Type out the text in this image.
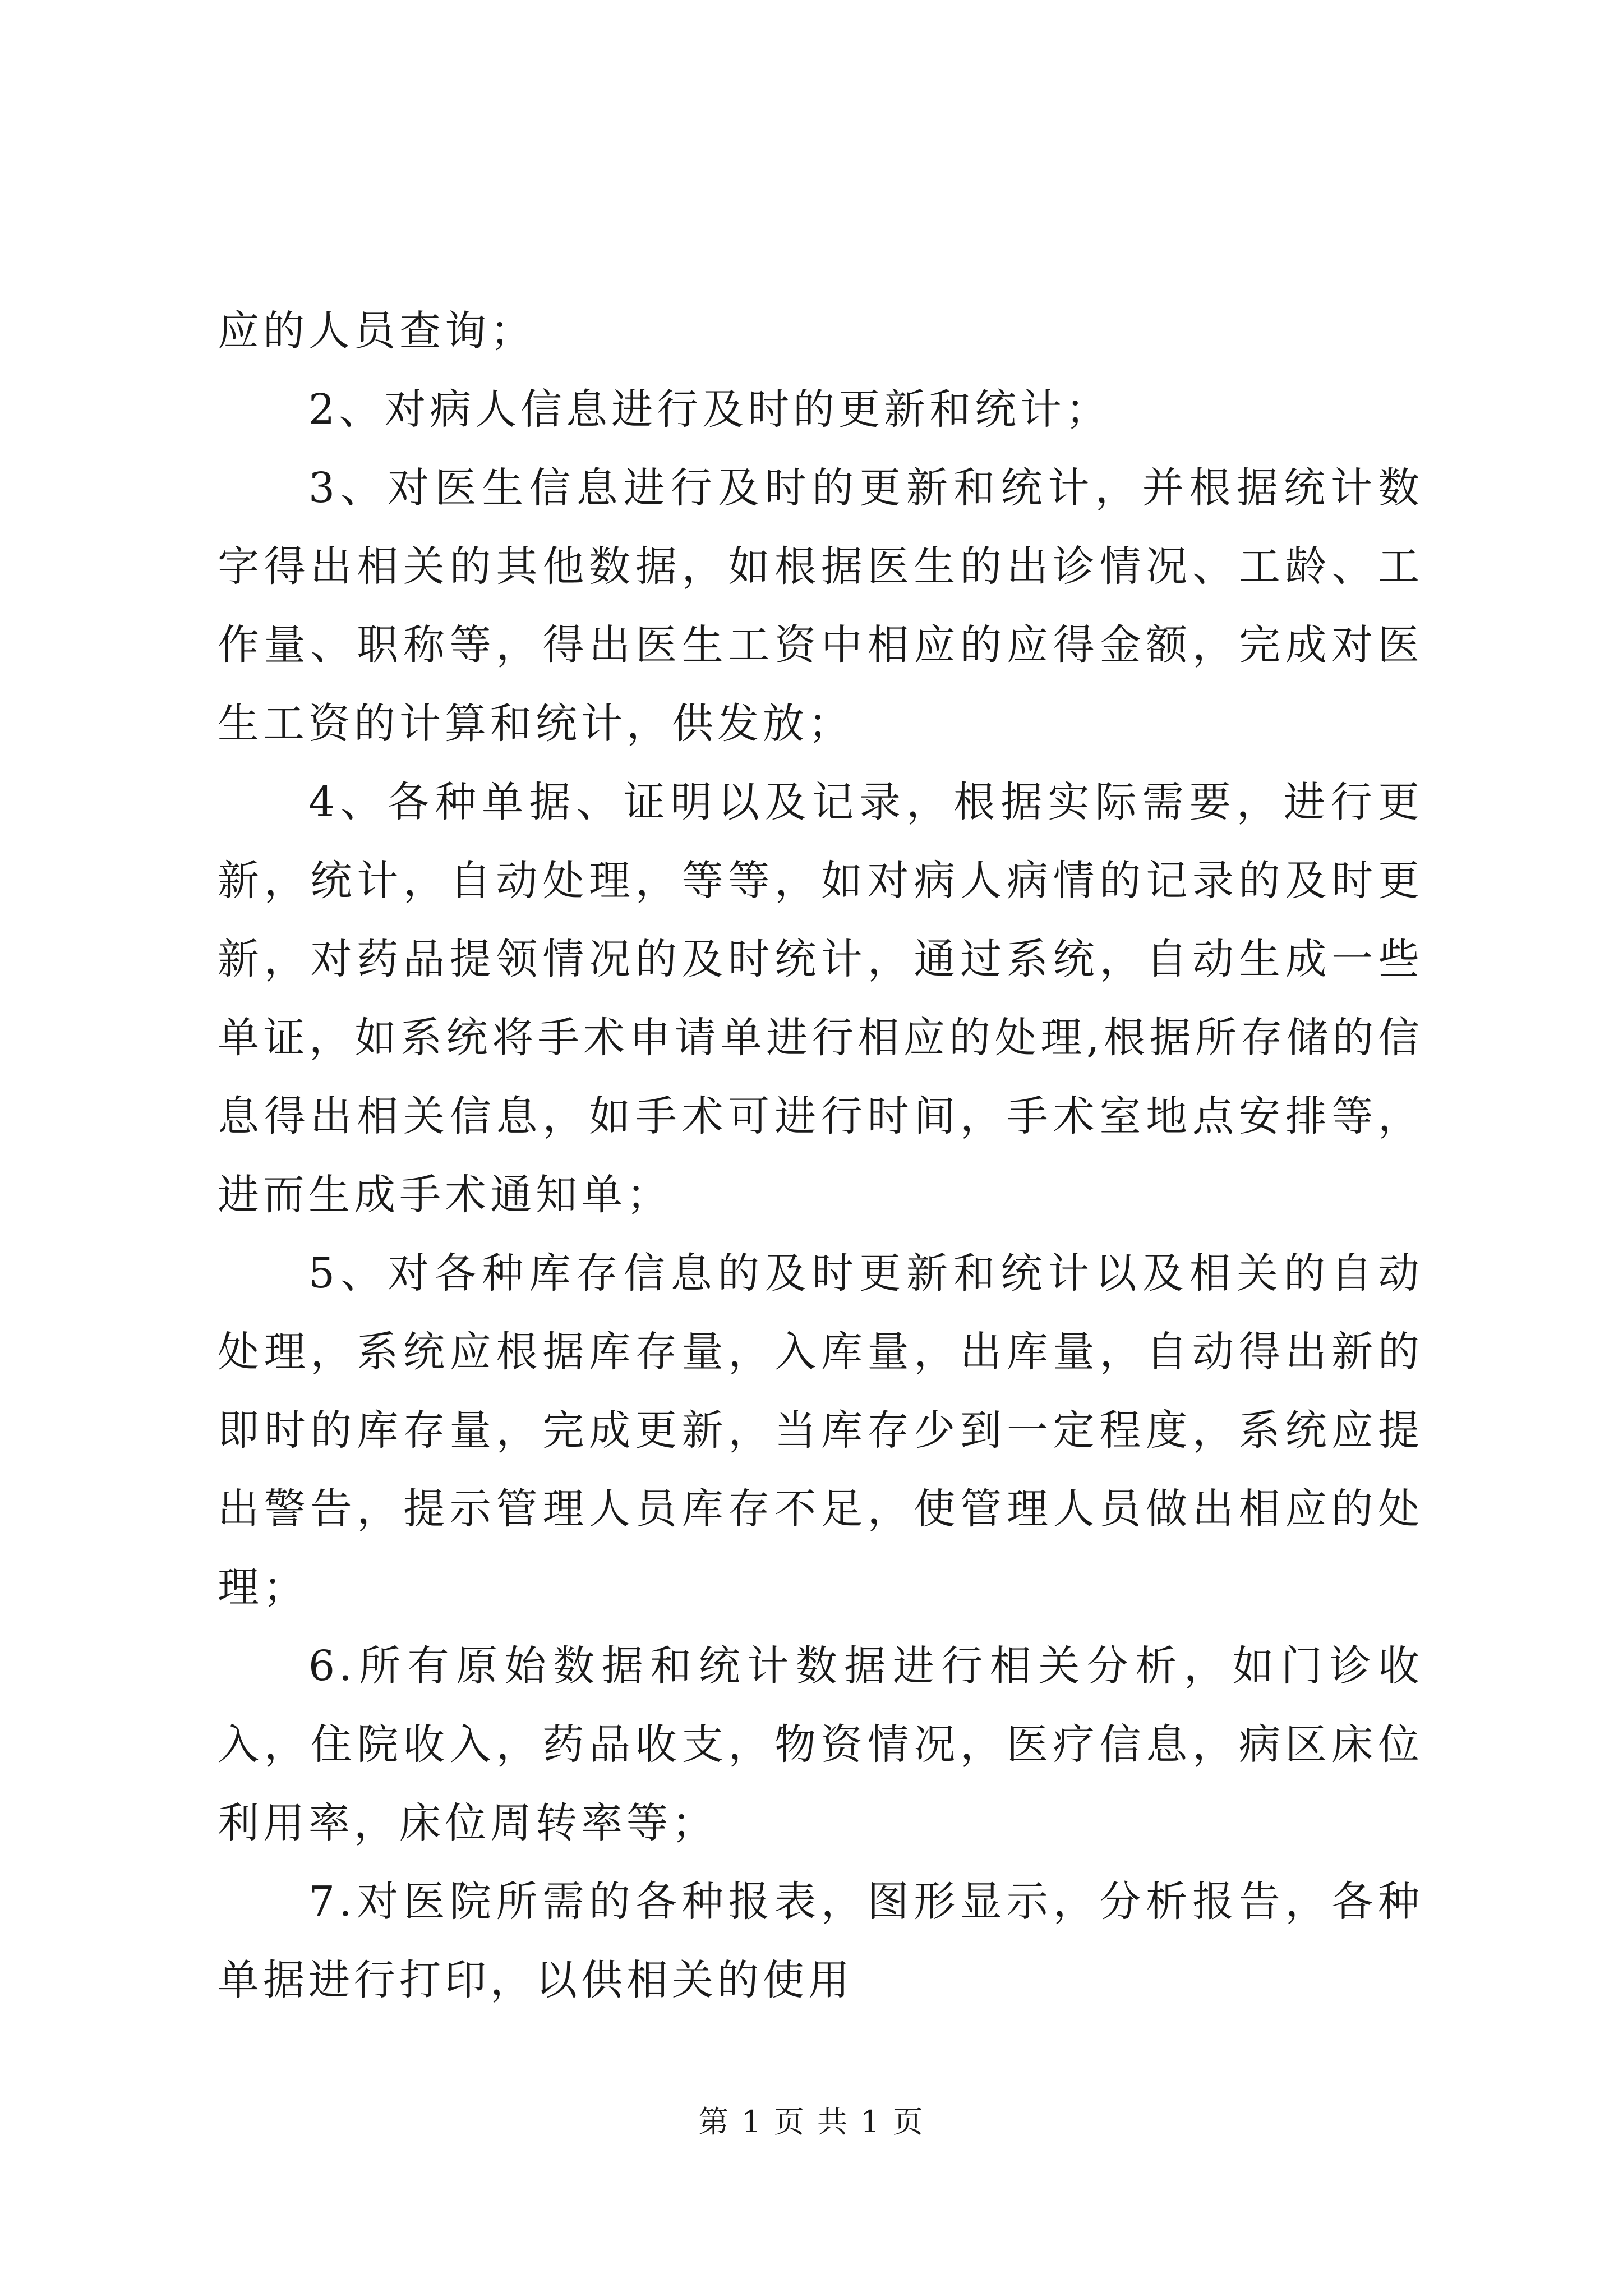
应的人员查询；

2、对病人信息进行及时的更新和统计；

3、对医生信息进行及时的更新和统计，并根据统计数字得出相关的其他数据，如根据医生的出诊情况、工龄、工作量、职称等，得出医生工资中相应的应得金额，完成对医生工资的计算和统计，供发放；

4、各种单据、证明以及记录，根据实际需要，进行更新，统计，自动处理，等等，如对病人病情的记录的及时更新，对药品提领情况的及时统计，通过系统，自动生成一些单证，如系统将手术申请单进行相应的处理,根据所存储的信息得出相关信息，如手术可进行时间，手术室地点安排等，进而生成手术通知单；

5、对各种库存信息的及时更新和统计以及相关的自动处理，系统应根据库存量，入库量，出库量，自动得出新的即时的库存量，完成更新，当库存少到一定程度，系统应提出警告，提示管理人员库存不足，使管理人员做出相应的处理；

6.所有原始数据和统计数据进行相关分析，如门诊收入，住院收入，药品收支，物资情况，医疗信息，病区床位利用率，床位周转率等；

7.对医院所需的各种报表，图形显示，分析报告，各种单据进行打印，以供相关的使用

第 1 页 共 1 页
